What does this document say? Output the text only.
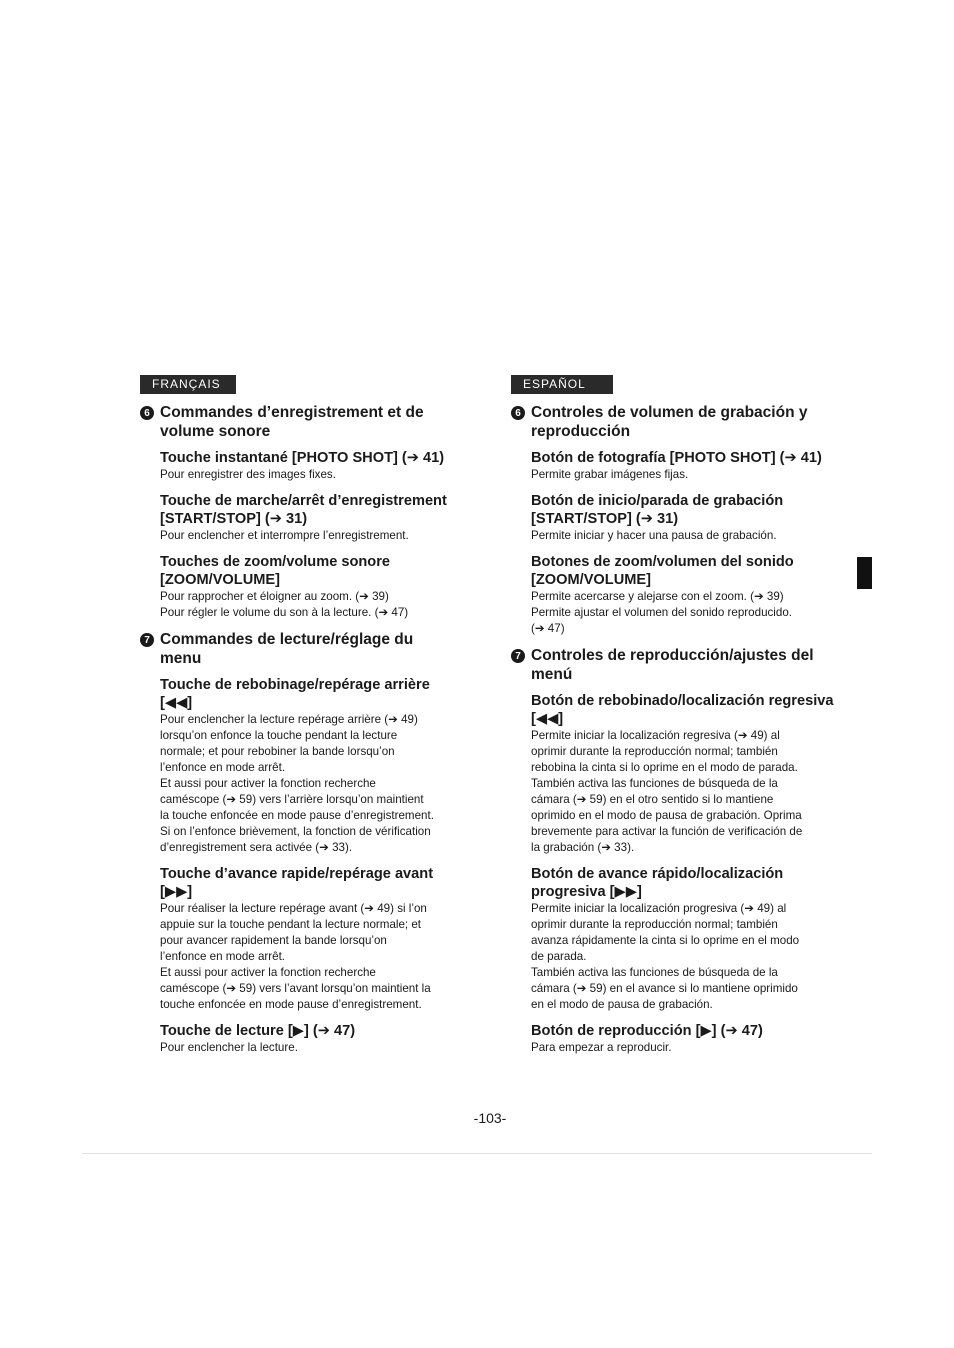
FRANÇAIS
6 Commandes d’enregistrement et de volume sonore
Touche instantané [PHOTO SHOT] (➔ 41)

Pour enregistrer des images fixes.

Touche de marche/arrêt d’enregistrement [START/STOP] (➔ 31)

Pour enclencher et interrompre l’enregistrement.

Touches de zoom/volume sonore [ZOOM/VOLUME]

Pour rapprocher et éloigner au zoom. (➔ 39)
Pour régler le volume du son à la lecture. (➔ 47)

7 Commandes de lecture/réglage du menu
Touche de rebobinage/repérage arrière [◀◀]

Pour enclencher la lecture repérage arrière (➔ 49)
lorsqu’on enfonce la touche pendant la lecture
normale; et pour rebobiner la bande lorsqu’on
l’enfonce en mode arrêt.
Et aussi pour activer la fonction recherche
caméscope (➔ 59) vers l’arrière lorsqu’on maintient
la touche enfoncée en mode pause d’enregistrement.
Si on l’enfonce brièvement, la fonction de vérification
d’enregistrement sera activée (➔ 33).

Touche d’avance rapide/repérage avant [▶▶]

Pour réaliser la lecture repérage avant (➔ 49) si l’on
appuie sur la touche pendant la lecture normale; et
pour avancer rapidement la bande lorsqu’on
l’enfonce en mode arrêt.
Et aussi pour activer la fonction recherche
caméscope (➔ 59) vers l’avant lorsqu’on maintient la
touche enfoncée en mode pause d’enregistrement.

Touche de lecture [▶] (➔ 47)

Pour enclencher la lecture.

ESPAÑOL
6 Controles de volumen de grabación y reproducción
Botón de fotografía [PHOTO SHOT] (➔ 41)

Permite grabar imágenes fijas.

Botón de inicio/parada de grabación [START/STOP] (➔ 31)

Permite iniciar y hacer una pausa de grabación.

Botones de zoom/volumen del sonido [ZOOM/VOLUME]

Permite acercarse y alejarse con el zoom. (➔ 39)
Permite ajustar el volumen del sonido reproducido.
(➔ 47)

7 Controles de reproducción/ajustes del menú
Botón de rebobinado/localización regresiva [◀◀]

Permite iniciar la localización regresiva (➔ 49) al
oprimir durante la reproducción normal; también
rebobina la cinta si lo oprime en el modo de parada.
También activa las funciones de búsqueda de la
cámara (➔ 59) en el otro sentido si lo mantiene
oprimido en el modo de pausa de grabación. Oprima
brevemente para activar la función de verificación de
la grabación (➔ 33).

Botón de avance rápido/localización progresiva [▶▶]

Permite iniciar la localización progresiva (➔ 49) al
oprimir durante la reproducción normal; también
avanza rápidamente la cinta si lo oprime en el modo
de parada.
También activa las funciones de búsqueda de la
cámara (➔ 59) en el avance si lo mantiene oprimido
en el modo de pausa de grabación.

Botón de reproducción [▶] (➔ 47)

Para empezar a reproducir.

-103-
